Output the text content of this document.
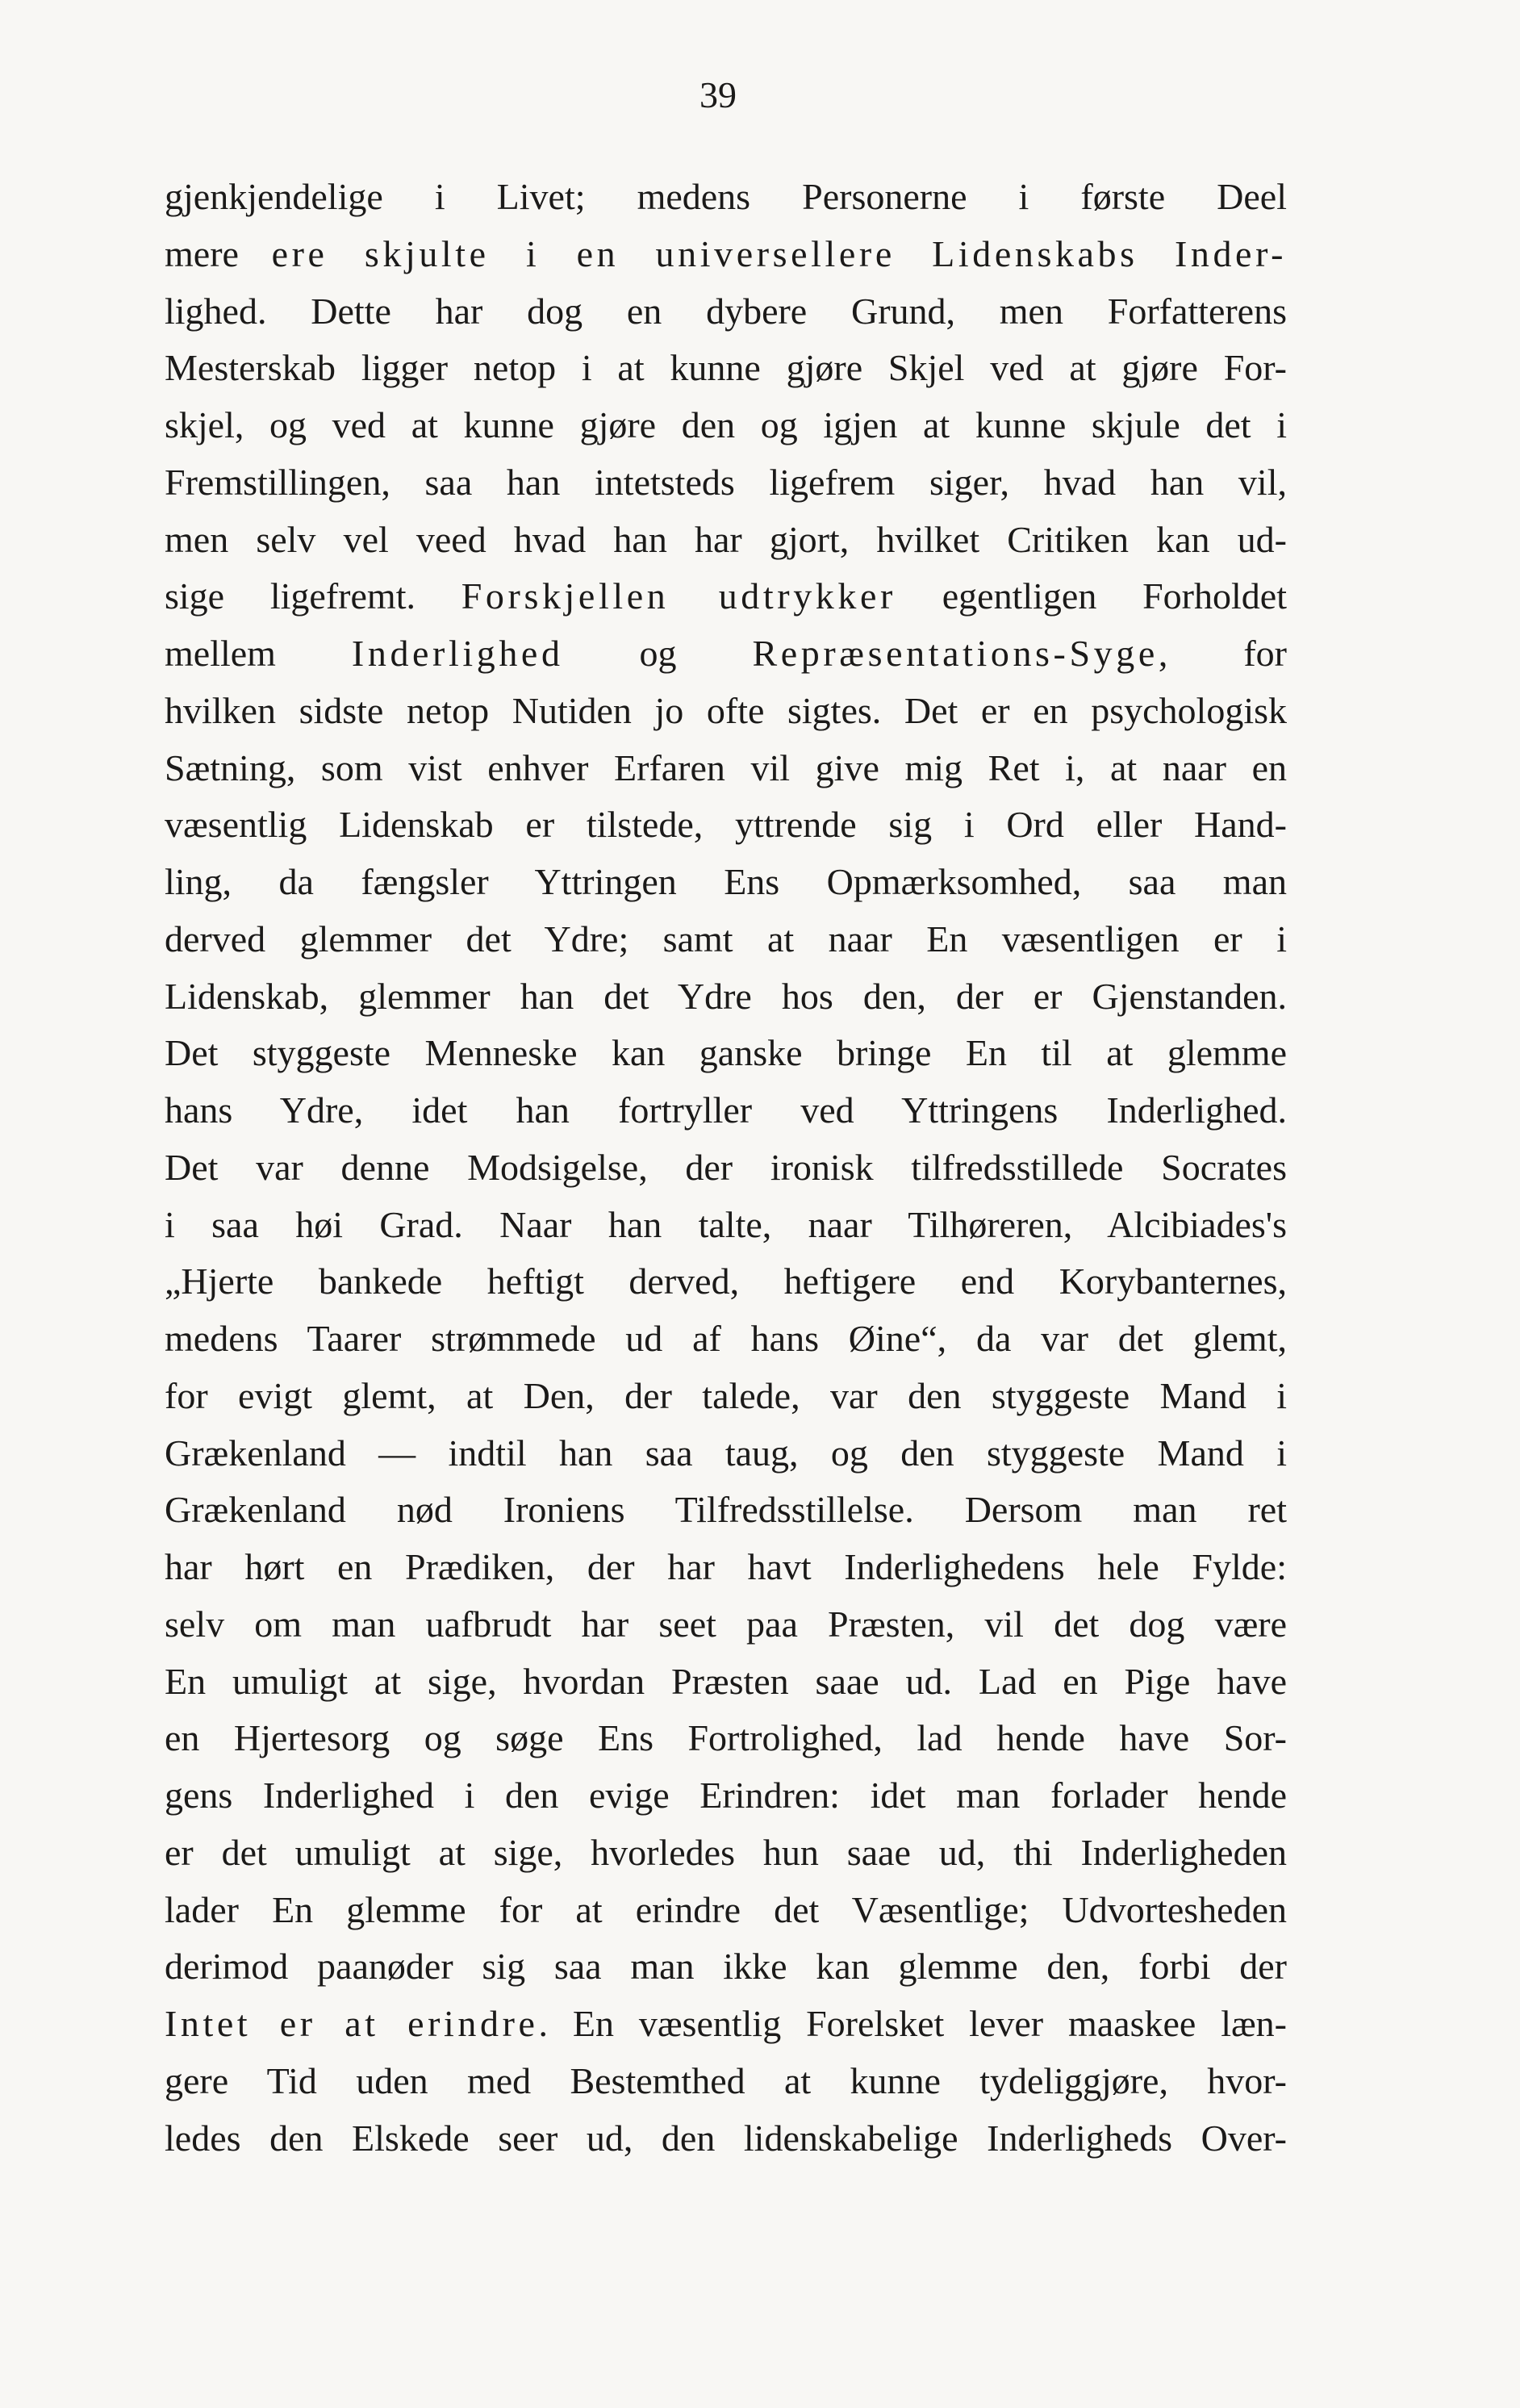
39
gjenkjendelige i Livet; medens Personerne i første Deel
mere ere skjulte i en universellere Lidenskabs Inder-
lighed. Dette har dog en dybere Grund, men Forfatterens
Mesterskab ligger netop i at kunne gjøre Skjel ved at gjøre For-
skjel, og ved at kunne gjøre den og igjen at kunne skjule det i
Fremstillingen, saa han intetsteds ligefrem siger, hvad han vil,
men selv vel veed hvad han har gjort, hvilket Critiken kan ud-
sige ligefremt. Forskjellen udtrykker egentligen Forholdet
mellem Inderlighed og Repræsentations-Syge, for
hvilken sidste netop Nutiden jo ofte sigtes. Det er en psychologisk
Sætning, som vist enhver Erfaren vil give mig Ret i, at naar en
væsentlig Lidenskab er tilstede, yttrende sig i Ord eller Hand-
ling, da fængsler Yttringen Ens Opmærksomhed, saa man
derved glemmer det Ydre; samt at naar En væsentligen er i
Lidenskab, glemmer han det Ydre hos den, der er Gjenstanden.
Det styggeste Menneske kan ganske bringe En til at glemme
hans Ydre, idet han fortryller ved Yttringens Inderlighed.
Det var denne Modsigelse, der ironisk tilfredsstillede Socrates
i saa høi Grad. Naar han talte, naar Tilhøreren, Alcibiades's
„Hjerte bankede heftigt derved, heftigere end Korybanternes,
medens Taarer strømmede ud af hans Øine“, da var det glemt,
for evigt glemt, at Den, der talede, var den styggeste Mand i
Grækenland — indtil han saa taug, og den styggeste Mand i
Grækenland nød Ironiens Tilfredsstillelse. Dersom man ret
har hørt en Prædiken, der har havt Inderlighedens hele Fylde:
selv om man uafbrudt har seet paa Præsten, vil det dog være
En umuligt at sige, hvordan Præsten saae ud. Lad en Pige have
en Hjertesorg og søge Ens Fortrolighed, lad hende have Sor-
gens Inderlighed i den evige Erindren: idet man forlader hende
er det umuligt at sige, hvorledes hun saae ud, thi Inderligheden
lader En glemme for at erindre det Væsentlige; Udvortesheden
derimod paanøder sig saa man ikke kan glemme den, forbi der
Intet er at erindre. En væsentlig Forelsket lever maaskee læn-
gere Tid uden med Bestemthed at kunne tydeliggjøre, hvor-
ledes den Elskede seer ud, den lidenskabelige Inderligheds Over-
